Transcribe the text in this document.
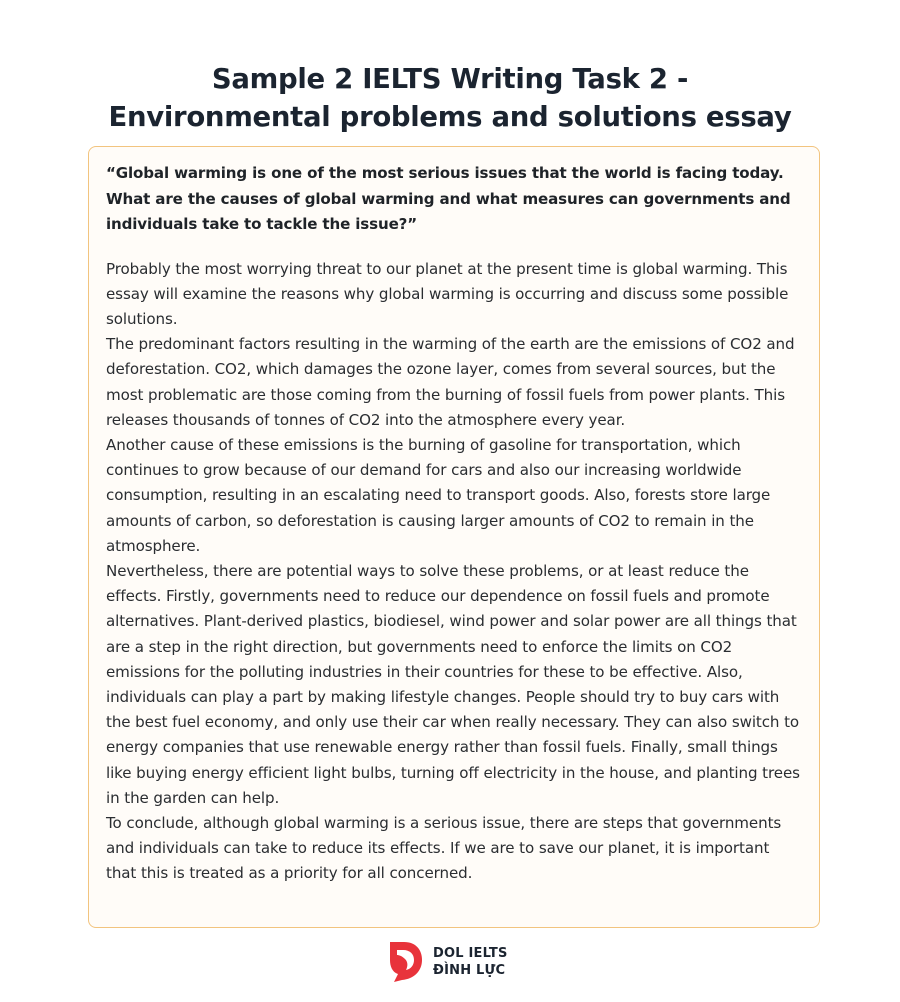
Sample 2 IELTS Writing Task 2 -
Environmental problems and solutions essay

“Global warming is one of the most serious issues that the world is facing today. What are the causes of global warming and what measures can governments and individuals take to tackle the issue?”

Probably the most worrying threat to our planet at the present time is global warming. This essay will examine the reasons why global warming is occurring and discuss some possible solutions.

The predominant factors resulting in the warming of the earth are the emissions of CO2 and deforestation. CO2, which damages the ozone layer, comes from several sources, but the most problematic are those coming from the burning of fossil fuels from power plants. This releases thousands of tonnes of CO2 into the atmosphere every year.

Another cause of these emissions is the burning of gasoline for transportation, which continues to grow because of our demand for cars and also our increasing worldwide consumption, resulting in an escalating need to transport goods. Also, forests store large amounts of carbon, so deforestation is causing larger amounts of CO2 to remain in the atmosphere.

Nevertheless, there are potential ways to solve these problems, or at least reduce the effects. Firstly, governments need to reduce our dependence on fossil fuels and promote alternatives. Plant-derived plastics, biodiesel, wind power and solar power are all things that are a step in the right direction, but governments need to enforce the limits on CO2 emissions for the polluting industries in their countries for these to be effective. Also, individuals can play a part by making lifestyle changes. People should try to buy cars with the best fuel economy, and only use their car when really necessary. They can also switch to energy companies that use renewable energy rather than fossil fuels. Finally, small things like buying energy efficient light bulbs, turning off electricity in the house, and planting trees in the garden can help.

To conclude, although global warming is a serious issue, there are steps that governments and individuals can take to reduce its effects. If we are to save our planet, it is important that this is treated as a priority for all concerned.

DOL IELTS
ĐÌNH LỰC
